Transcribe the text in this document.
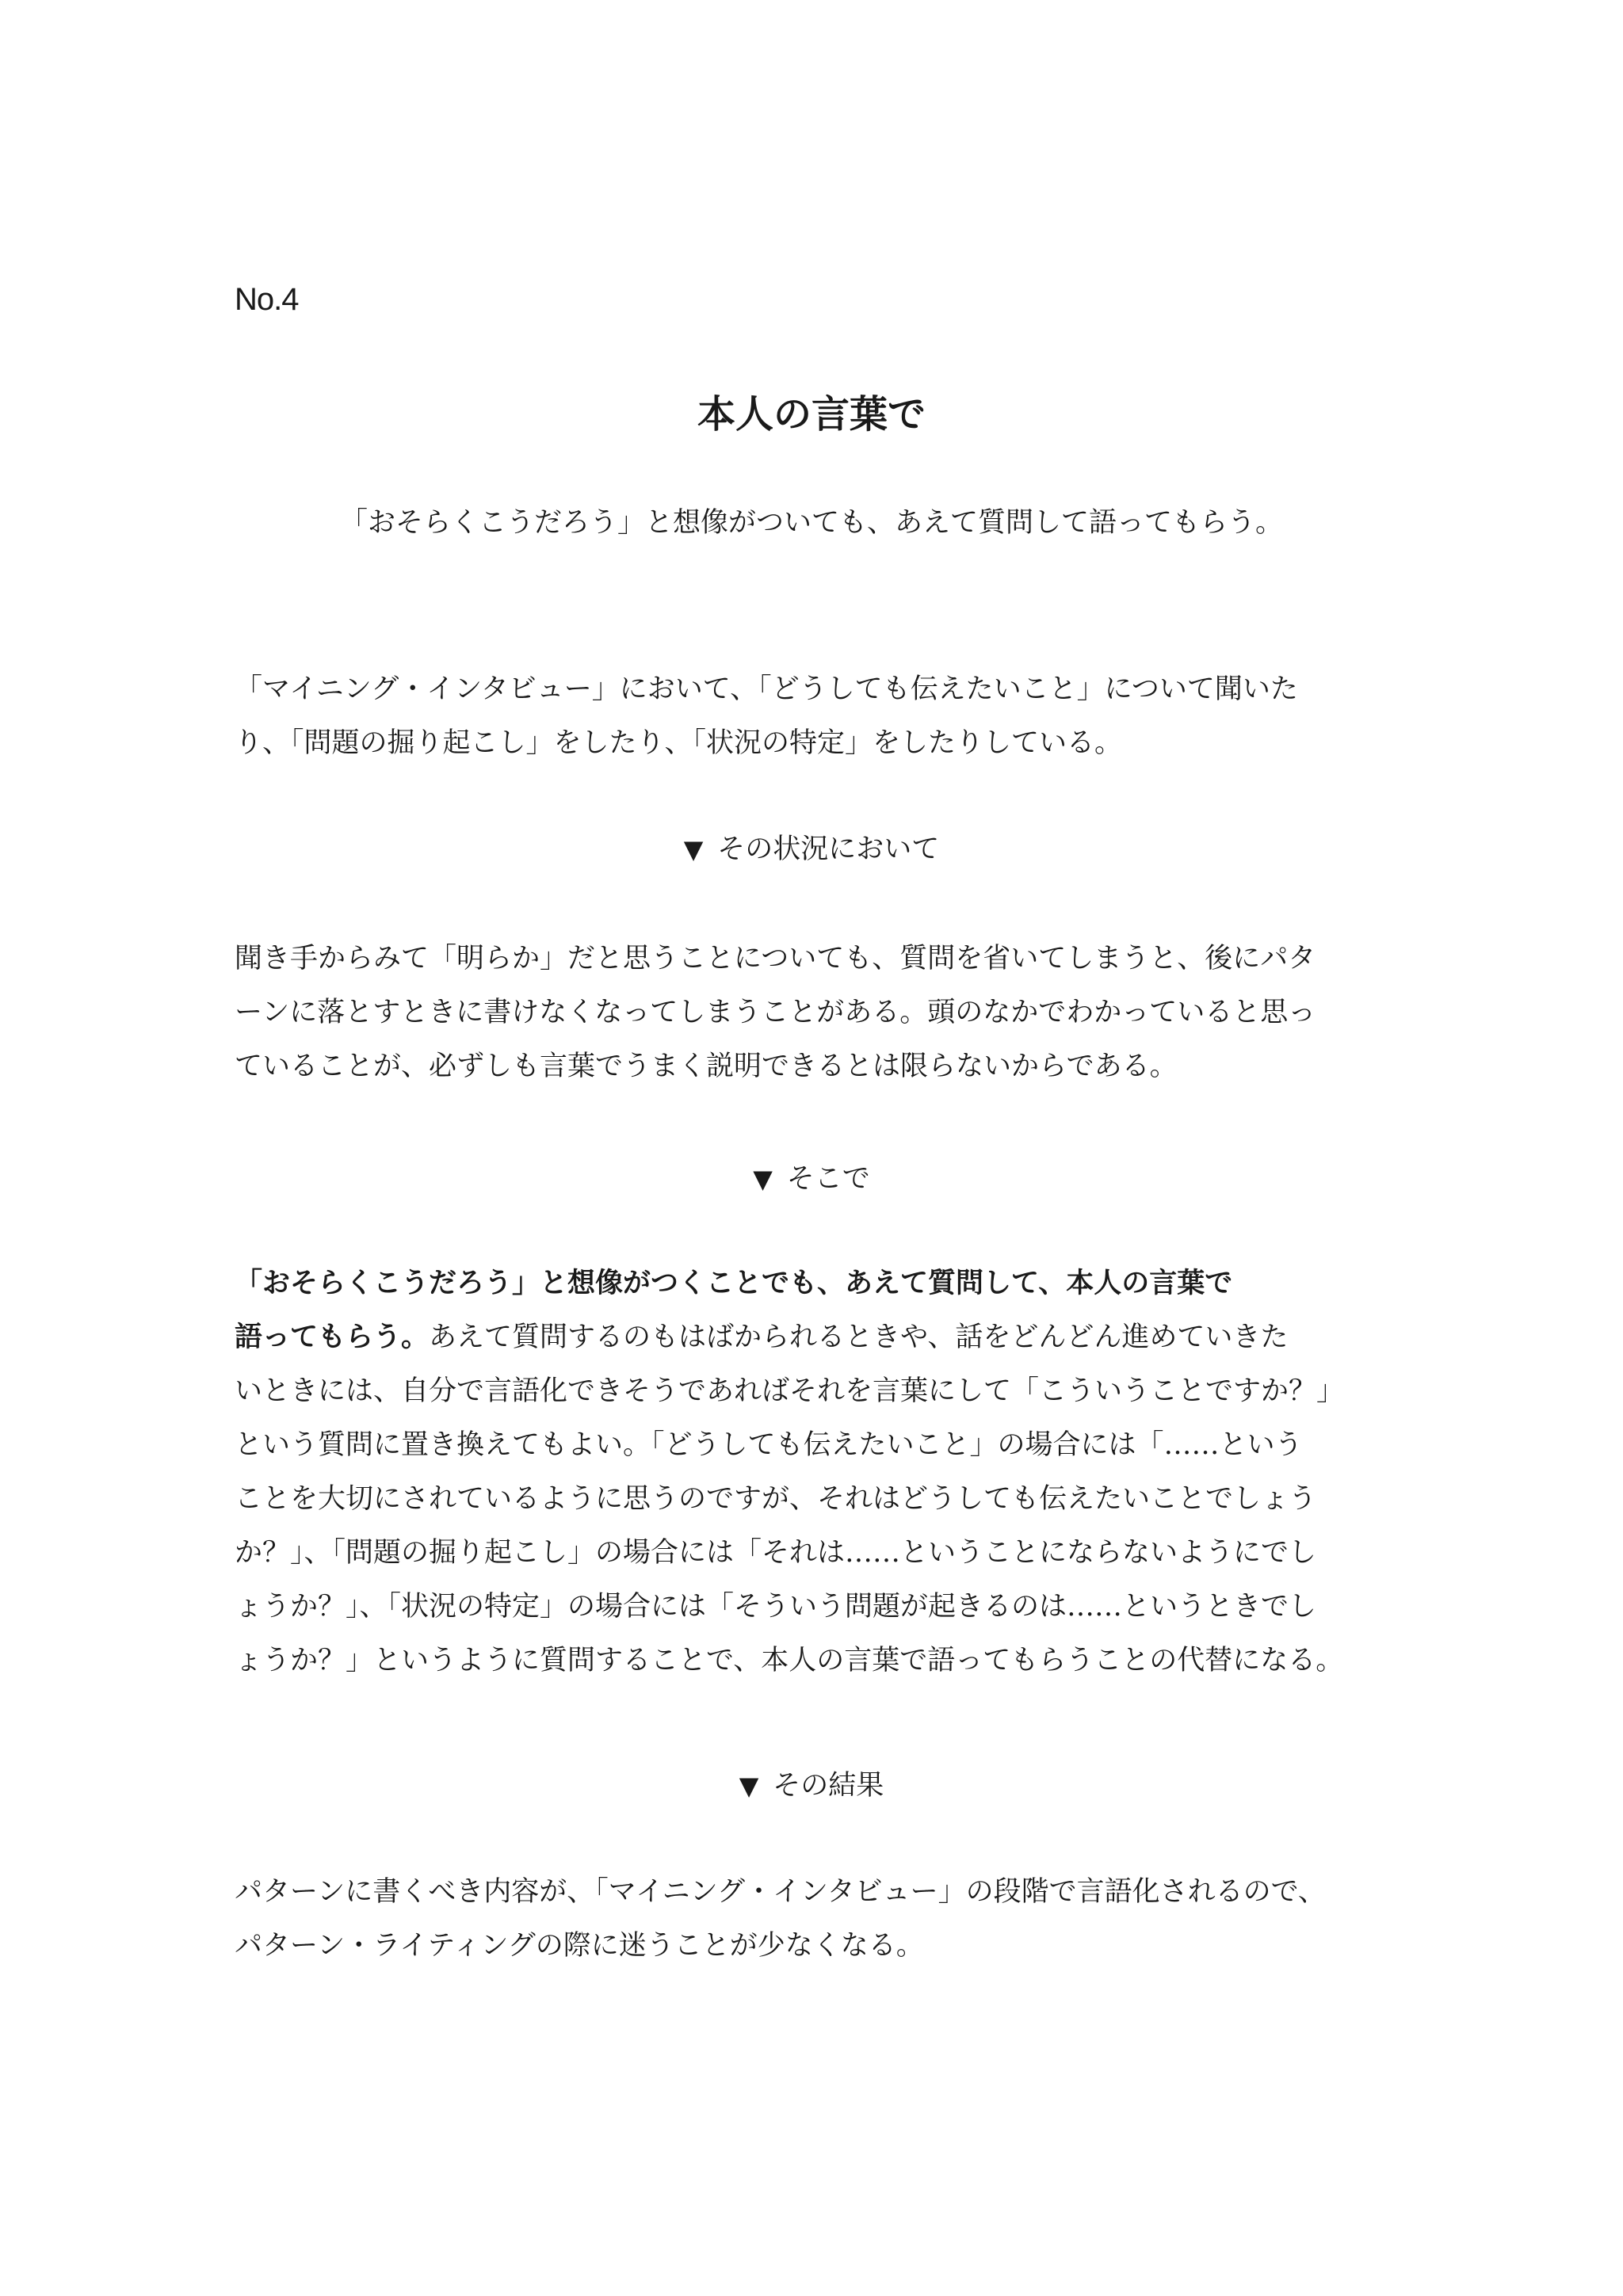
No.4
本人の言葉で
「おそらくこうだろう」と想像がついても、あえて質問して語ってもらう。

「マイニング・インタビュー」において、「どうしても伝えたいこと」について聞いた

り、「問題の掘り起こし」をしたり、「状況の特定」をしたりしている。

▼ その状況において

聞き手からみて「明らか」だと思うことについても、質問を省いてしまうと、後にパタ

ーンに落とすときに書けなくなってしまうことがある。頭のなかでわかっていると思っ

ていることが、必ずしも言葉でうまく説明できるとは限らないからである。

▼ そこで

「おそらくこうだろう」と想像がつくことでも、あえて質問して、本人の言葉で

語ってもらう。あえて質問するのもはばかられるときや、話をどんどん進めていきた

いときには、自分で言語化できそうであればそれを言葉にして「こういうことですか？」

という質問に置き換えてもよい。「どうしても伝えたいこと」の場合には「……という

ことを大切にされているように思うのですが、それはどうしても伝えたいことでしょう

か？」、「問題の掘り起こし」の場合には「それは……ということにならないようにでし

ょうか？」、「状況の特定」の場合には「そういう問題が起きるのは……というときでし

ょうか？」というように質問することで、本人の言葉で語ってもらうことの代替になる。

▼ その結果

パターンに書くべき内容が、「マイニング・インタビュー」の段階で言語化されるので、

パターン・ライティングの際に迷うことが少なくなる。
